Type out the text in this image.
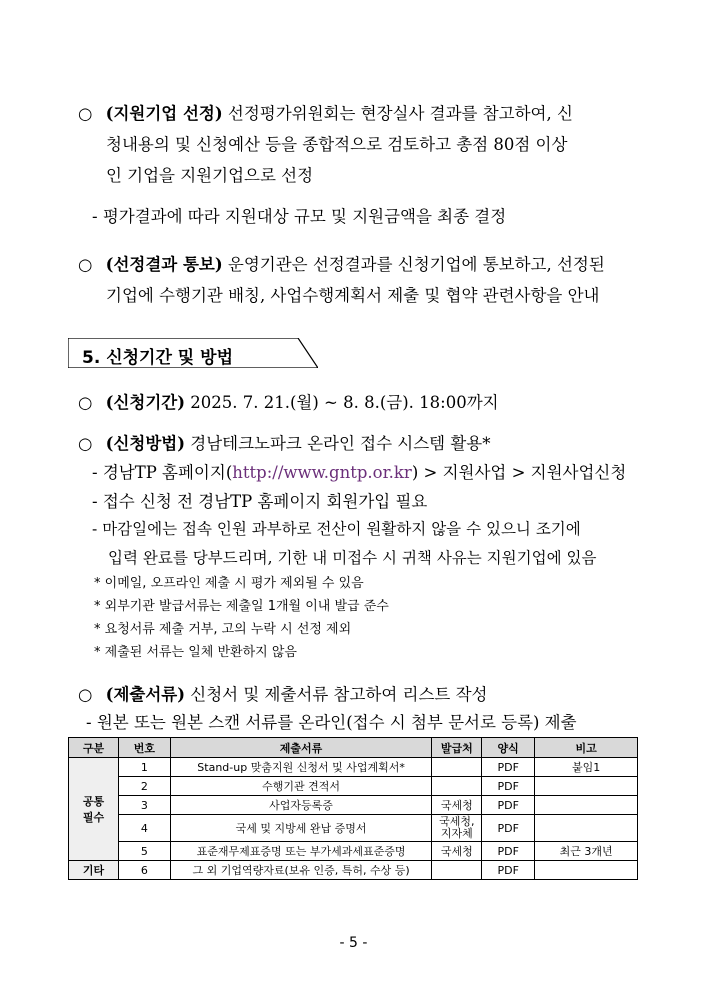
○ (지원기업 선정) 선정평가위원회는 현장실사 결과를 참고하여, 신
청내용의 및 신청예산 등을 종합적으로 검토하고 총점 80점 이상
인 기업을 지원기업으로 선정
- 평가결과에 따라 지원대상 규모 및 지원금액을 최종 결정
○ (선정결과 통보) 운영기관은 선정결과를 신청기업에 통보하고, 선정된
기업에 수행기관 배칭, 사업수행계획서 제출 및 협약 관련사항을 안내
5. 신청기간 및 방법
○ (신청기간) 2025. 7. 21.(월) ~ 8. 8.(금). 18:00까지
○ (신청방법) 경남테크노파크 온라인 접수 시스템 활용*
- 경남TP 홈페이지(http://www.gntp.or.kr) > 지원사업 > 지원사업신청
- 접수 신청 전 경남TP 홈페이지 회원가입 필요
- 마감일에는 접속 인원 과부하로 전산이 원활하지 않을 수 있으니 조기에
입력 완료를 당부드리며, 기한 내 미접수 시 귀책 사유는 지원기업에 있음
* 이메일, 오프라인 제출 시 평가 제외될 수 있음
* 외부기관 발급서류는 제출일 1개월 이내 발급 준수
* 요청서류 제출 거부, 고의 누락 시 선정 제외
* 제출된 서류는 일체 반환하지 않음
○ (제출서류) 신청서 및 제출서류 참고하여 리스트 작성
- 원본 또는 원본 스캔 서류를 온라인(접수 시 첨부 문서로 등록) 제출
구분	번호	제출서류	발급처	양식	비고
공통
필수	1	Stand-up 맞춤지원 신청서 및 사업계획서*		PDF	붙임1
	2	수행기관 견적서		PDF	
	3	사업자등록증	국세청	PDF	
	4	국세 및 지방세 완납 증명서	국세청,
지자체	PDF	
	5	표준재무제표증명 또는 부가세과세표준증명	국세청	PDF	최근 3개년
기타	6	그 외 기업역량자료(보유 인증, 특허, 수상 등)		PDF	
- 5 -
